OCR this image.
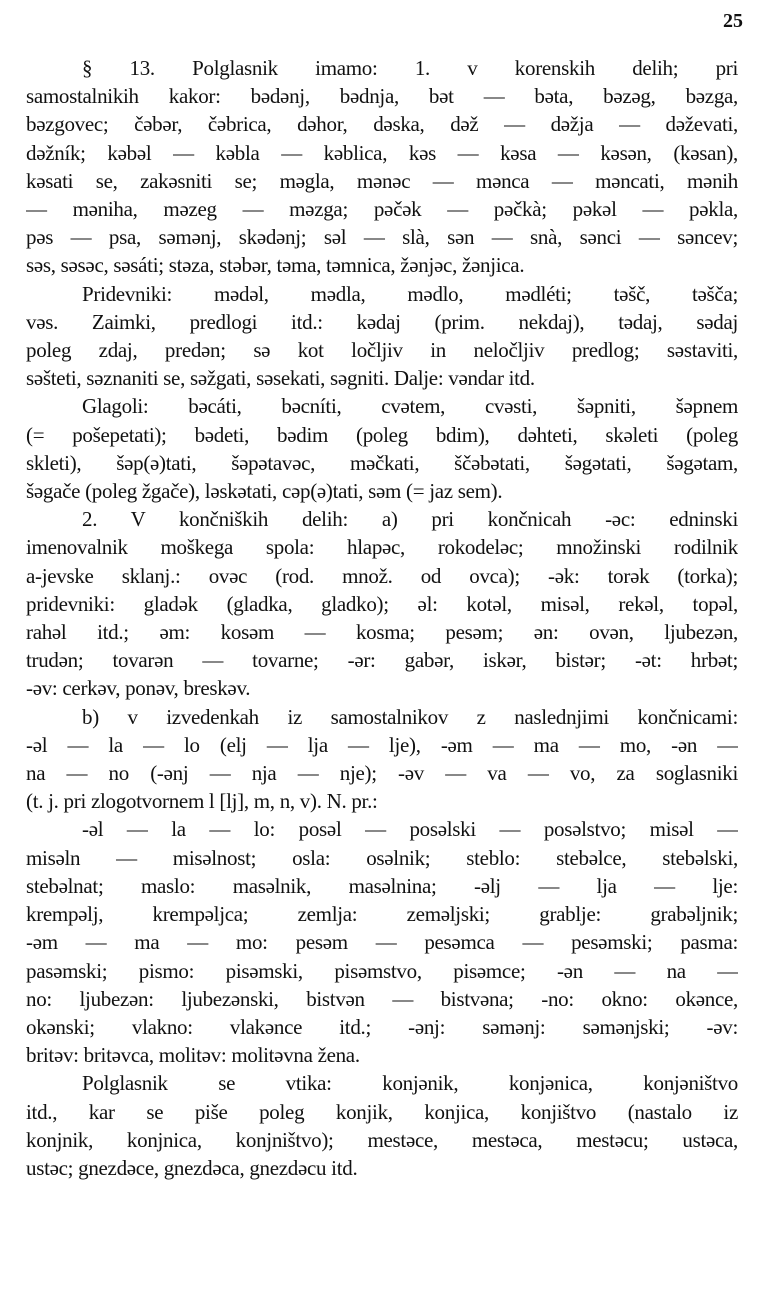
25
§ 13. Polglasnik imamo: 1. v korenskih delih; pri
samostalnikih kakor: bədənj, bədnja, bət — bəta, bəzəg, bəzga,
bəzgovec; čəbər, čəbrica, dəhor, dəska, dəž — dəžja — dəževati,
dəžník; kəbəl — kəbla — kəblica, kəs — kəsa — kəsən, (kəsan),
kəsati se, zakəsniti se; məgla, mənəc — mənca — məncati, mənih
— məniha, məzeg — məzga; pəčək — pəčkà; pəkəl — pəkla,
pəs — psa, səmənj, skədənj; səl — slà, sən — snà, sənci — səncev;
səs, səsəc, səsáti; stəza, stəbər, təma, təmnica, žənjəc, žənjica.
Pridevniki: mədəl, mədla, mədlo, mədléti; təšč, təšča;
vəs. Zaimki, predlogi itd.: kədaj (prim. nekdaj), tədaj, sədaj
poleg zdaj, predən; sə kot ločljiv in neločljiv predlog; səstaviti,
səšteti, səznaniti se, səžgati, səsekati, səgniti. Dalje: vəndar itd.
Glagoli: bəcáti, bəcníti, cvətem, cvəsti, šəpniti, šəpnem
(= pošepetati); bədeti, bədim (poleg bdim), dəhteti, skəleti (poleg
skleti), šəp(ə)tati, šəpətavəc, məčkati, ščəbətati, šəgətati, šəgətam,
šəgače (poleg žgače), ləskətati, cəp(ə)tati, səm (= jaz sem).
2. V končniških delih: a) pri končnicah -əc: edninski
imenovalnik moškega spola: hlapəc, rokodeləc; množinski rodilnik
a-jevske sklanj.: ovəc (rod. množ. od ovca); -ək: torək (torka);
pridevniki: gladək (gladka, gladko); əl: kotəl, misəl, rekəl, topəl,
rahəl itd.; əm: kosəm — kosma; pesəm; ən: ovən, ljubezən,
trudən; tovarən — tovarne; -ər: gabər, iskər, bistər; -ət: hrbət;
-əv: cerkəv, ponəv, breskəv.
b) v izvedenkah iz samostalnikov z naslednjimi končnicami:
-əl — la — lo (elj — lja — lje), -əm — ma — mo, -ən —
na — no (-ənj — nja — nje); -əv — va — vo, za soglasniki
(t. j. pri zlogotvornem l [lj], m, n, v). N. pr.:
-əl — la — lo: posəl — posəlski — posəlstvo; misəl —
misəln — misəlnost; osla: osəlnik; steblo: stebəlce, stebəlski,
stebəlnat; maslo: masəlnik, masəlnina; -əlj — lja — lje:
krempəlj, krempəljca; zemlja: zeməljski; grablje: grabəljnik;
-əm — ma — mo: pesəm — pesəmca — pesəmski; pasma:
pasəmski; pismo: pisəmski, pisəmstvo, pisəmce; -ən — na —
no: ljubezən: ljubezənski, bistvən — bistvəna; -no: okno: okənce,
okənski; vlakno: vlakənce itd.; -ənj: səmənj: səmənjski; -əv:
britəv: britəvca, molitəv: molitəvna žena.
Polglasnik se vtika: konjənik, konjənica, konjəništvo
itd., kar se piše poleg konjik, konjica, konjištvo (nastalo iz
konjnik, konjnica, konjništvo); mestəce, mestəca, mestəcu; ustəca,
ustəc; gnezdəce, gnezdəca, gnezdəcu itd.
